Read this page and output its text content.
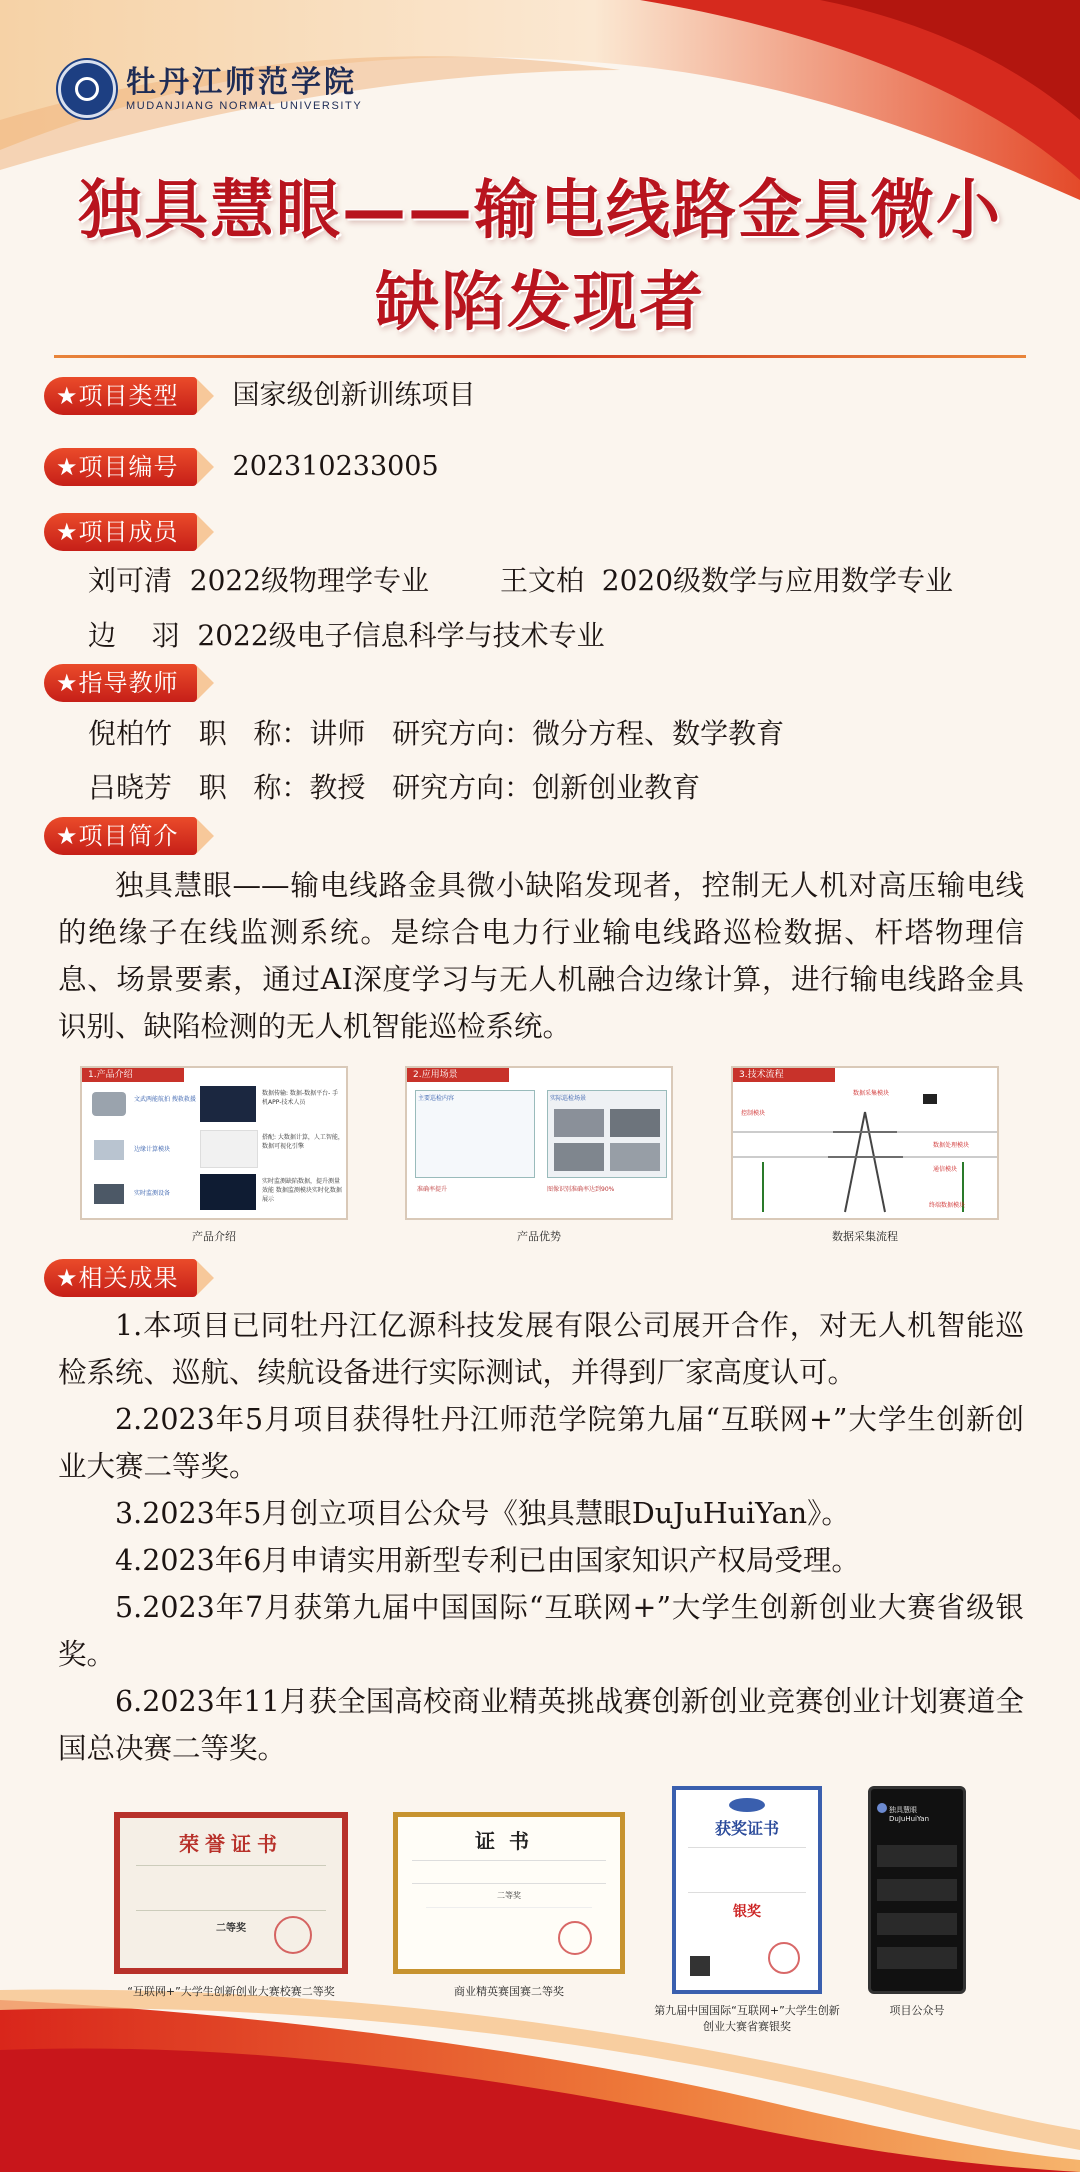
牡丹江师范学院
MUDANJIANG NORMAL UNIVERSITY
独具慧眼——输电线路金具微小
缺陷发现者
★项目类型	国家级创新训练项目
★项目编号	202310233005
★项目成员
刘可清  2022级物理学专业	王文柏  2020级数学与应用数学专业
边    羽  2022级电子信息科学与技术专业
★指导教师
倪柏竹   职   称：讲师   研究方向：微分方程、数学教育
吕晓芳   职   称：教授   研究方向：创新创业教育
★项目简介

独具慧眼——输电线路金具微小缺陷发现者，控制无人机对高压输电线的绝缘子在线监测系统。是综合电力行业输电线路巡检数据、杆塔物理信息、场景要素，通过AI深度学习与无人机融合边缘计算，进行输电线路金具识别、缺陷检测的无人机智能巡检系统。

1.产品介绍
文武两能航拍 搜救救援
数据传输: 数据-数据平台- 手机APP-技术人员
边缘计算模块
搭配: 大数据计算，人工智能， 数据可视化引擎
实时监测设备
实时监测缺陷数据，提升测量效能 数据监测模块实时化数据展示
产品介绍
2.应用场景
主要巡检内容	实际巡检场景
准确率提升	图像识别准确率达到90%
产品优势
3.技术流程
数据采集模块
控制模块
数据处理模块
通信模块
终端数据模块
数据采集流程
★相关成果

1.本项目已同牡丹江亿源科技发展有限公司展开合作，对无人机智能巡检系统、巡航、续航设备进行实际测试，并得到厂家高度认可。

2.2023年5月项目获得牡丹江师范学院第九届“互联网+”大学生创新创业大赛二等奖。

3.2023年5月创立项目公众号《独具慧眼DuJuHuiYan》。

4.2023年6月申请实用新型专利已由国家知识产权局受理。

5.2023年7月获第九届中国国际“互联网+”大学生创新创业大赛省级银奖。

6.2023年11月获全国高校商业精英挑战赛创新创业竞赛创业计划赛道全国总决赛二等奖。

荣誉证书
二等奖
“互联网+”大学生创新创业大赛校赛二等奖
证书
二等奖
商业精英赛国赛二等奖
获奖证书
银奖
第九届中国国际“互联网+”大学生创新创业大赛省赛银奖
独具慧眼 DuJuHuiYan
项目公众号
